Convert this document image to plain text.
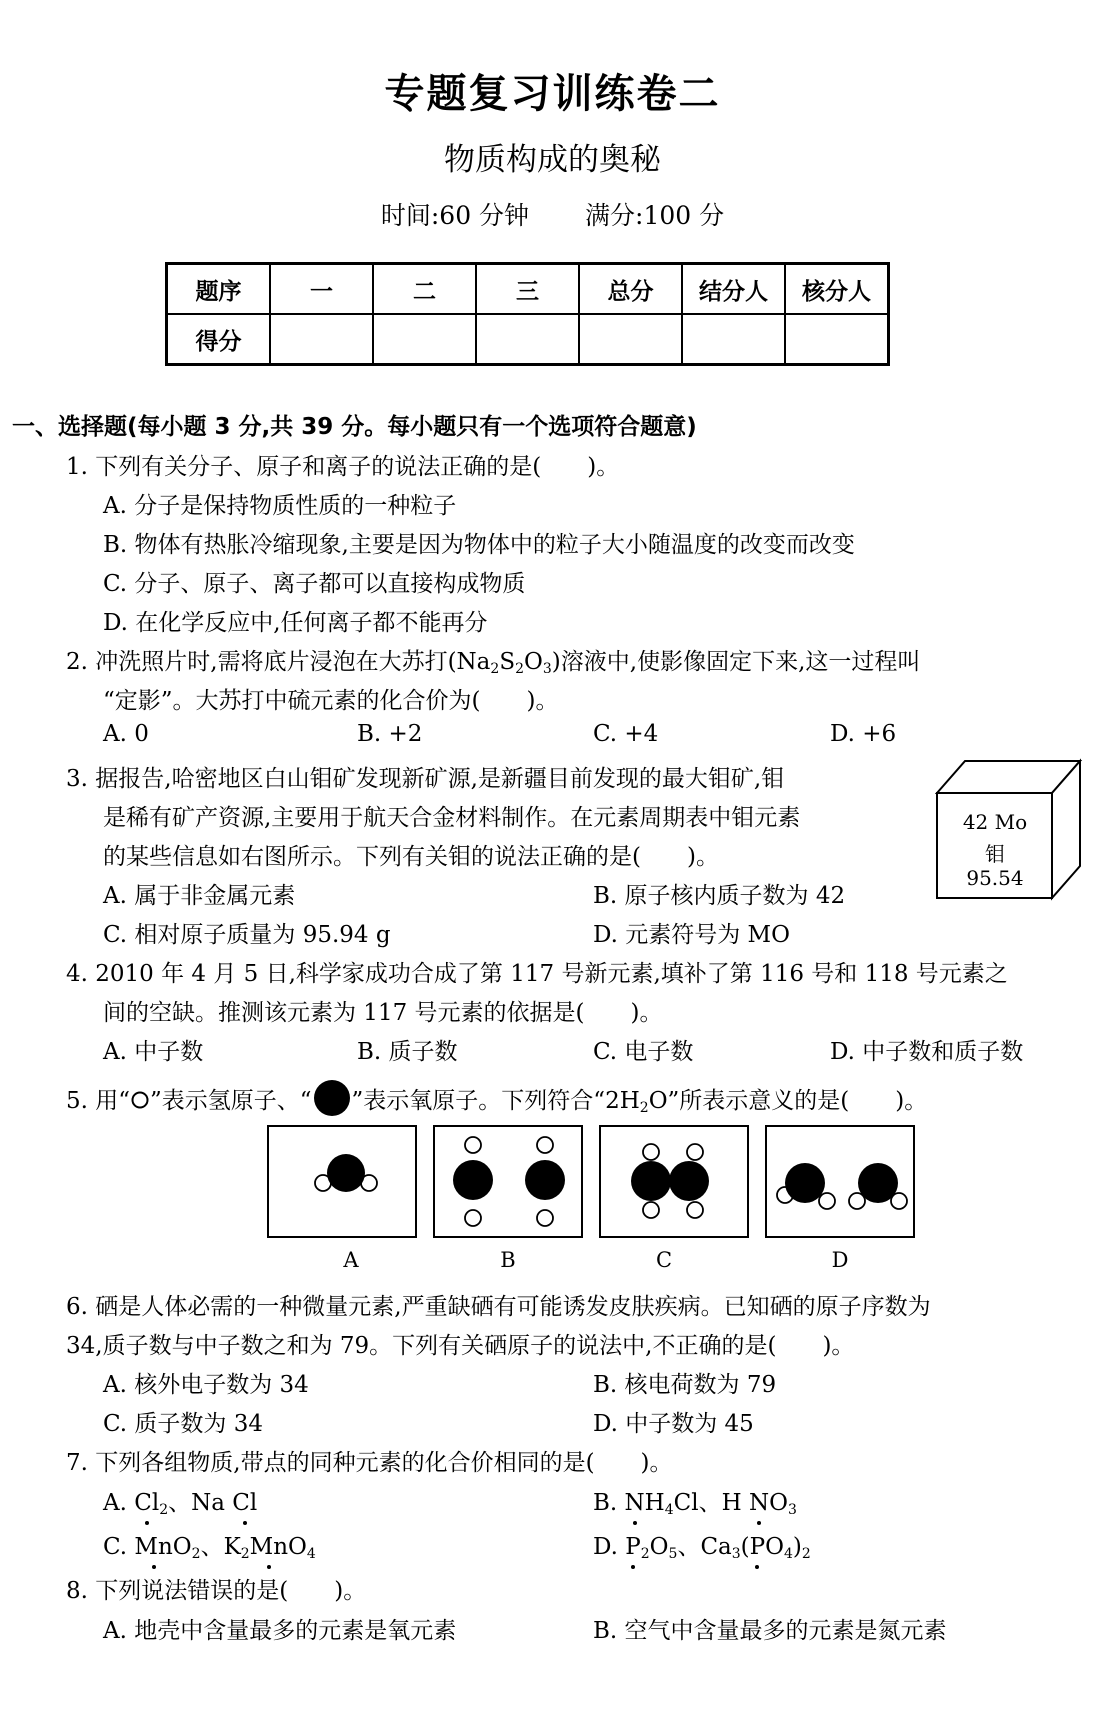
专题复习训练卷二
物质构成的奥秘
时间:60 分钟 满分:100 分
题序	一	二	三	总分	结分人	核分人
得分						
一、选择题(每小题 3 分,共 39 分。每小题只有一个选项符合题意)
1. 下列有关分子、原子和离子的说法正确的是(　　)。
A. 分子是保持物质性质的一种粒子
B. 物体有热胀冷缩现象,主要是因为物体中的粒子大小随温度的改变而改变
C. 分子、原子、离子都可以直接构成物质
D. 在化学反应中,任何离子都不能再分
2. 冲洗照片时,需将底片浸泡在大苏打$(Na_2S_2O_3)$溶液中,使影像固定下来,这一过程叫
“定影”。大苏打中硫元素的化合价为(　　)。
A. 0	B. +2	C. +4	D. +6
3. 据报告,哈密地区白山钼矿发现新矿源,是新疆目前发现的最大钼矿,钼
是稀有矿产资源,主要用于航天合金材料制作。在元素周期表中钼元素
的某些信息如右图所示。下列有关钼的说法正确的是(　　)。
A. 属于非金属元素	B. 原子核内质子数为 42
C. 相对原子质量为 95.94 g	D. 元素符号为 MO
42 Mo
钼
95.54
4. 2010 年 4 月 5 日,科学家成功合成了第 117 号新元素,填补了第 116 号和 118 号元素之
间的空缺。推测该元素为 117 号元素的依据是(　　)。
A. 中子数	B. 质子数	C. 电子数	D. 中子数和质子数
5. 用“ ”表示氢原子、“ ”表示氧原子。下列符合“$2H_2O$”所表示意义的是(　　)。
A	B	C	D
6. 硒是人体必需的一种微量元素,严重缺硒有可能诱发皮肤疾病。已知硒的原子序数为
34,质子数与中子数之和为 79。下列有关硒原子的说法中,不正确的是(　　)。
A. 核外电子数为 34	B. 核电荷数为 79
C. 质子数为 34	D. 中子数为 45
7. 下列各组物质,带点的同种元素的化合价相同的是(　　)。
A. $Cl_2$、Na Cl	B. $NH_4Cl$、H $NO_3$
C. MnO$_2$、$K_2MnO_4$	D. $P_2O_5$、$Ca_3(PO_4)_2$
8. 下列说法错误的是(　　)。
A. 地壳中含量最多的元素是氧元素	B. 空气中含量最多的元素是氮元素
